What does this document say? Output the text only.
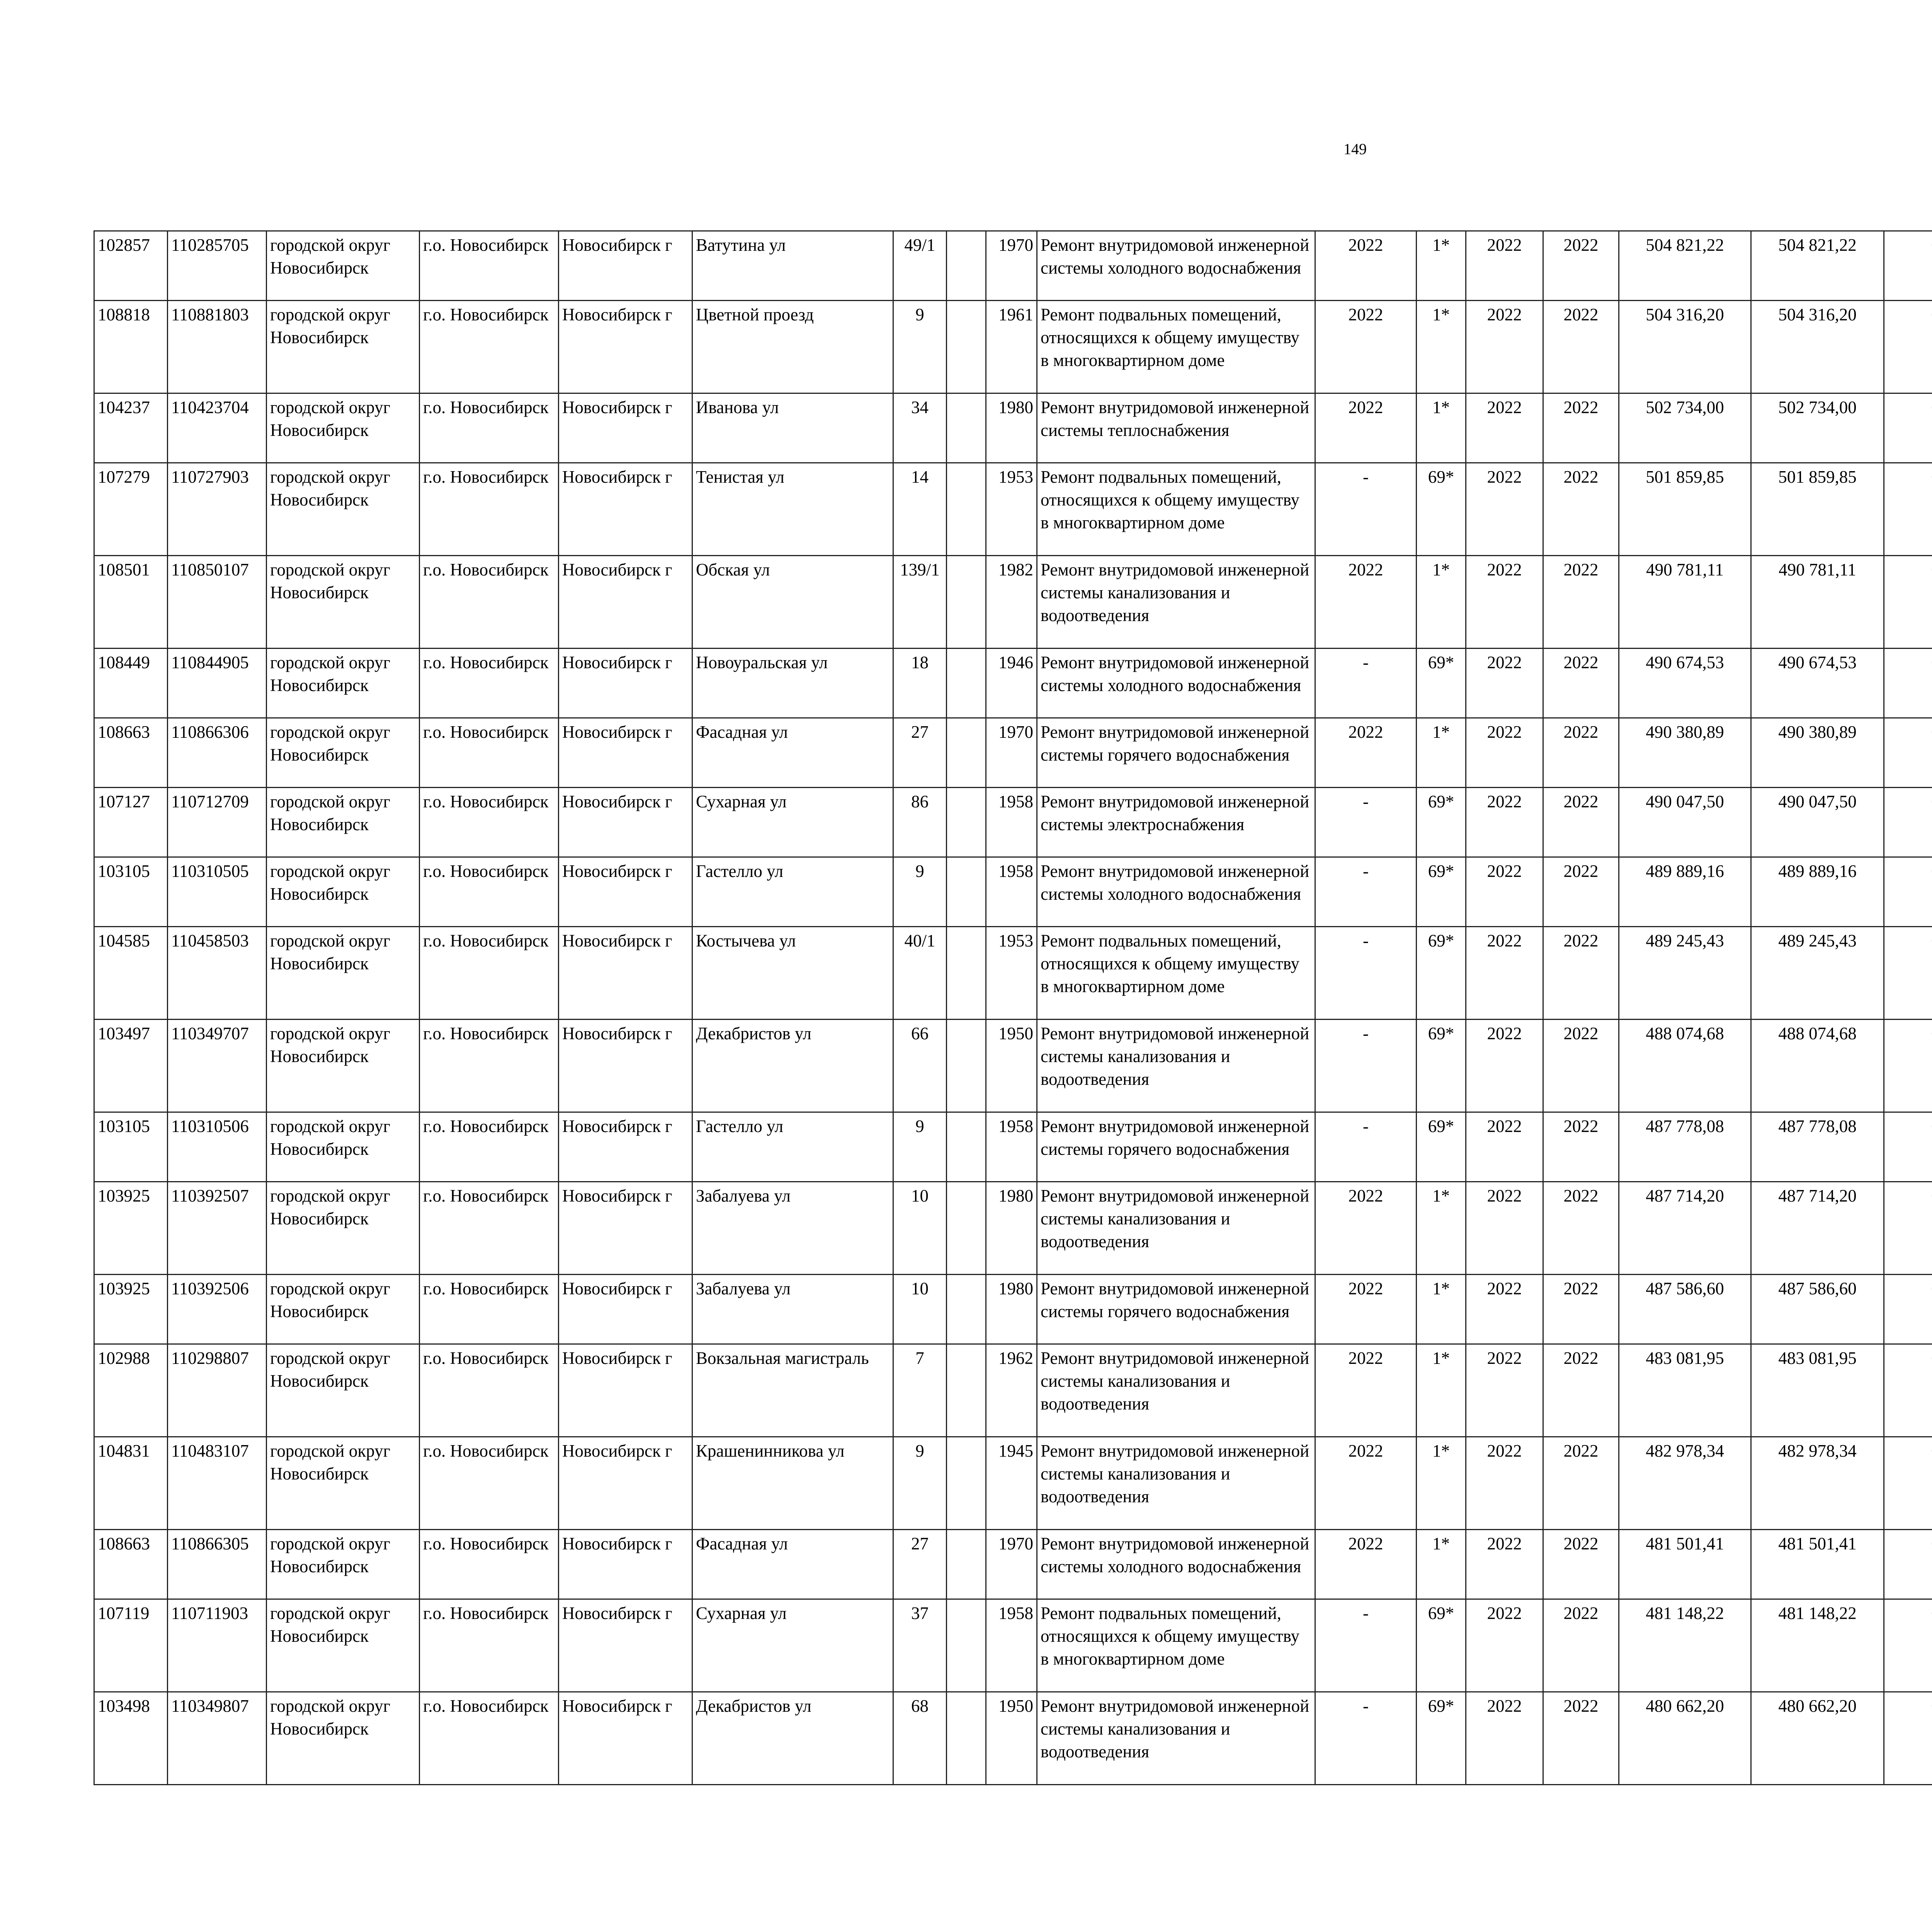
149
102857	110285705	городской округ Новосибирск	г.о. Новосибирск	Новосибирск г	Ватутина ул	49/1		1970	Ремонт внутридомовой инженерной системы холодного водоснабжения	2022	1*	2022	2022	504 821,22	504 821,22						
108818	110881803	городской округ Новосибирск	г.о. Новосибирск	Новосибирск г	Цветной проезд	9		1961	Ремонт подвальных помещений, относящихся к общему имуществу в многоквартирном доме	2022	1*	2022	2022	504 316,20	504 316,20						
104237	110423704	городской округ Новосибирск	г.о. Новосибирск	Новосибирск г	Иванова ул	34		1980	Ремонт внутридомовой инженерной системы теплоснабжения	2022	1*	2022	2022	502 734,00	502 734,00						
107279	110727903	городской округ Новосибирск	г.о. Новосибирск	Новосибирск г	Тенистая ул	14		1953	Ремонт подвальных помещений, относящихся к общему имуществу в многоквартирном доме	-	69*	2022	2022	501 859,85	501 859,85						
108501	110850107	городской округ Новосибирск	г.о. Новосибирск	Новосибирск г	Обская ул	139/1		1982	Ремонт внутридомовой инженерной системы канализования и водоотведения	2022	1*	2022	2022	490 781,11	490 781,11						
108449	110844905	городской округ Новосибирск	г.о. Новосибирск	Новосибирск г	Новоуральская ул	18		1946	Ремонт внутридомовой инженерной системы холодного водоснабжения	-	69*	2022	2022	490 674,53	490 674,53						
108663	110866306	городской округ Новосибирск	г.о. Новосибирск	Новосибирск г	Фасадная ул	27		1970	Ремонт внутридомовой инженерной системы горячего водоснабжения	2022	1*	2022	2022	490 380,89	490 380,89						
107127	110712709	городской округ Новосибирск	г.о. Новосибирск	Новосибирск г	Сухарная ул	86		1958	Ремонт внутридомовой инженерной системы электроснабжения	-	69*	2022	2022	490 047,50	490 047,50						
103105	110310505	городской округ Новосибирск	г.о. Новосибирск	Новосибирск г	Гастелло ул	9		1958	Ремонт внутридомовой инженерной системы холодного водоснабжения	-	69*	2022	2022	489 889,16	489 889,16						
104585	110458503	городской округ Новосибирск	г.о. Новосибирск	Новосибирск г	Костычева ул	40/1		1953	Ремонт подвальных помещений, относящихся к общему имуществу в многоквартирном доме	-	69*	2022	2022	489 245,43	489 245,43						
103497	110349707	городской округ Новосибирск	г.о. Новосибирск	Новосибирск г	Декабристов ул	66		1950	Ремонт внутридомовой инженерной системы канализования и водоотведения	-	69*	2022	2022	488 074,68	488 074,68						
103105	110310506	городской округ Новосибирск	г.о. Новосибирск	Новосибирск г	Гастелло ул	9		1958	Ремонт внутридомовой инженерной системы горячего водоснабжения	-	69*	2022	2022	487 778,08	487 778,08						
103925	110392507	городской округ Новосибирск	г.о. Новосибирск	Новосибирск г	Забалуева ул	10		1980	Ремонт внутридомовой инженерной системы канализования и водоотведения	2022	1*	2022	2022	487 714,20	487 714,20						
103925	110392506	городской округ Новосибирск	г.о. Новосибирск	Новосибирск г	Забалуева ул	10		1980	Ремонт внутридомовой инженерной системы горячего водоснабжения	2022	1*	2022	2022	487 586,60	487 586,60						
102988	110298807	городской округ Новосибирск	г.о. Новосибирск	Новосибирск г	Вокзальная магистраль	7		1962	Ремонт внутридомовой инженерной системы канализования и водоотведения	2022	1*	2022	2022	483 081,95	483 081,95						
104831	110483107	городской округ Новосибирск	г.о. Новосибирск	Новосибирск г	Крашенинникова ул	9		1945	Ремонт внутридомовой инженерной системы канализования и водоотведения	2022	1*	2022	2022	482 978,34	482 978,34						
108663	110866305	городской округ Новосибирск	г.о. Новосибирск	Новосибирск г	Фасадная ул	27		1970	Ремонт внутридомовой инженерной системы холодного водоснабжения	2022	1*	2022	2022	481 501,41	481 501,41						
107119	110711903	городской округ Новосибирск	г.о. Новосибирск	Новосибирск г	Сухарная ул	37		1958	Ремонт подвальных помещений, относящихся к общему имуществу в многоквартирном доме	-	69*	2022	2022	481 148,22	481 148,22						
103498	110349807	городской округ Новосибирск	г.о. Новосибирск	Новосибирск г	Декабристов ул	68		1950	Ремонт внутридомовой инженерной системы канализования и водоотведения	-	69*	2022	2022	480 662,20	480 662,20						
